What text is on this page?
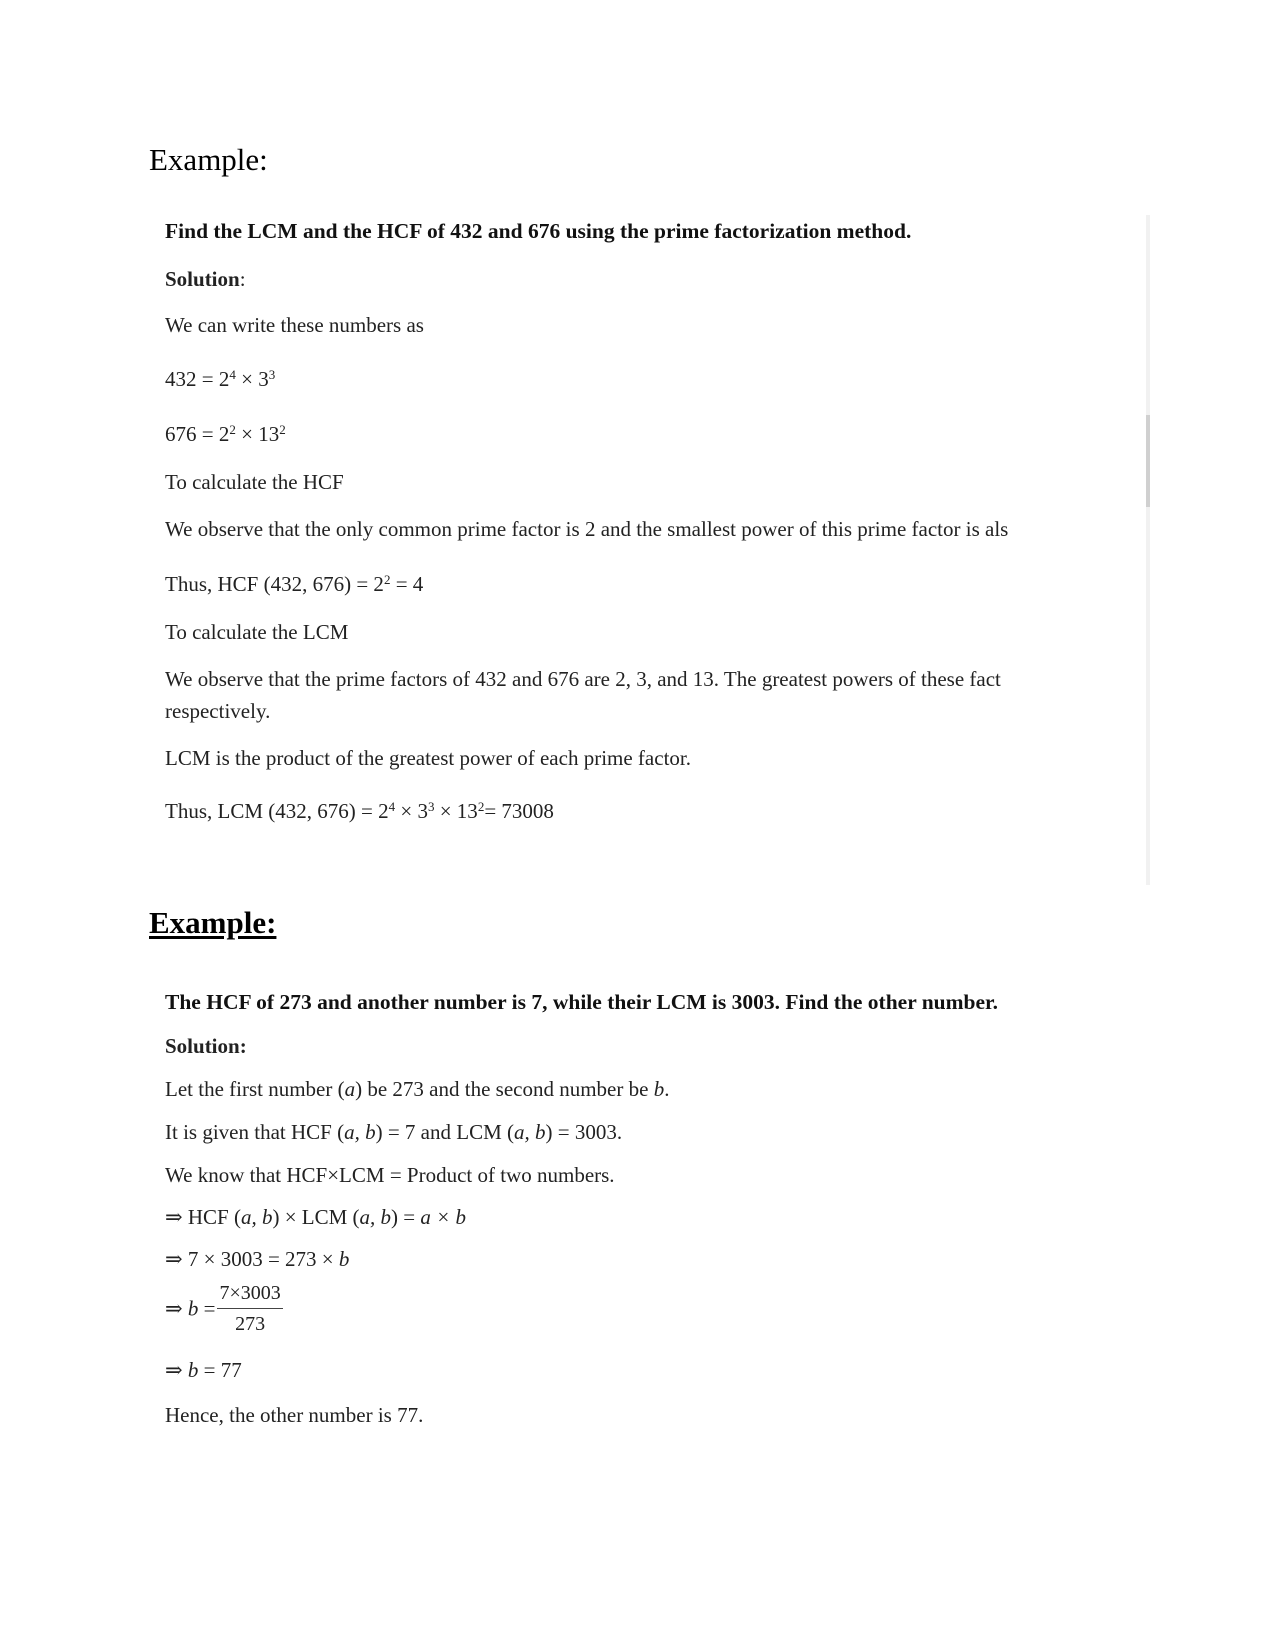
Example:
Find the LCM and the HCF of 432 and 676 using the prime factorization method.
Solution:
We can write these numbers as
$432 = 2^4 \times 3^3$
$676 = 2^2 \times 13^2$
To calculate the HCF
We observe that the only common prime factor is 2 and the smallest power of this prime factor is als
Thus, HCF (432, $676) = 2^2 = 4$
To calculate the LCM
We observe that the prime factors of 432 and 676 are 2, 3, and 13. The greatest powers of these fact
respectively.
LCM is the product of the greatest power of each prime factor.
Thus, LCM (432, $676) = 2^4 \times 3^3 \times 13^2= 73008$
Example:
The HCF of 273 and another number is 7, while their LCM is 3003. Find the other number.
Solution:
Let the first number (a) be 273 and the second number be b.
It is given that HCF (a, b) = 7 and LCM (a, b) = 3003.
We know that HCF×LCM = Product of two numbers.
⇒ HCF (a, b) × LCM (a, b) = a × b
⇒ 7 × 3003 = 273 × b
⇒ $b = \frac{7\times 3003}{273}$
⇒ b = 77
Hence, the other number is 77.
